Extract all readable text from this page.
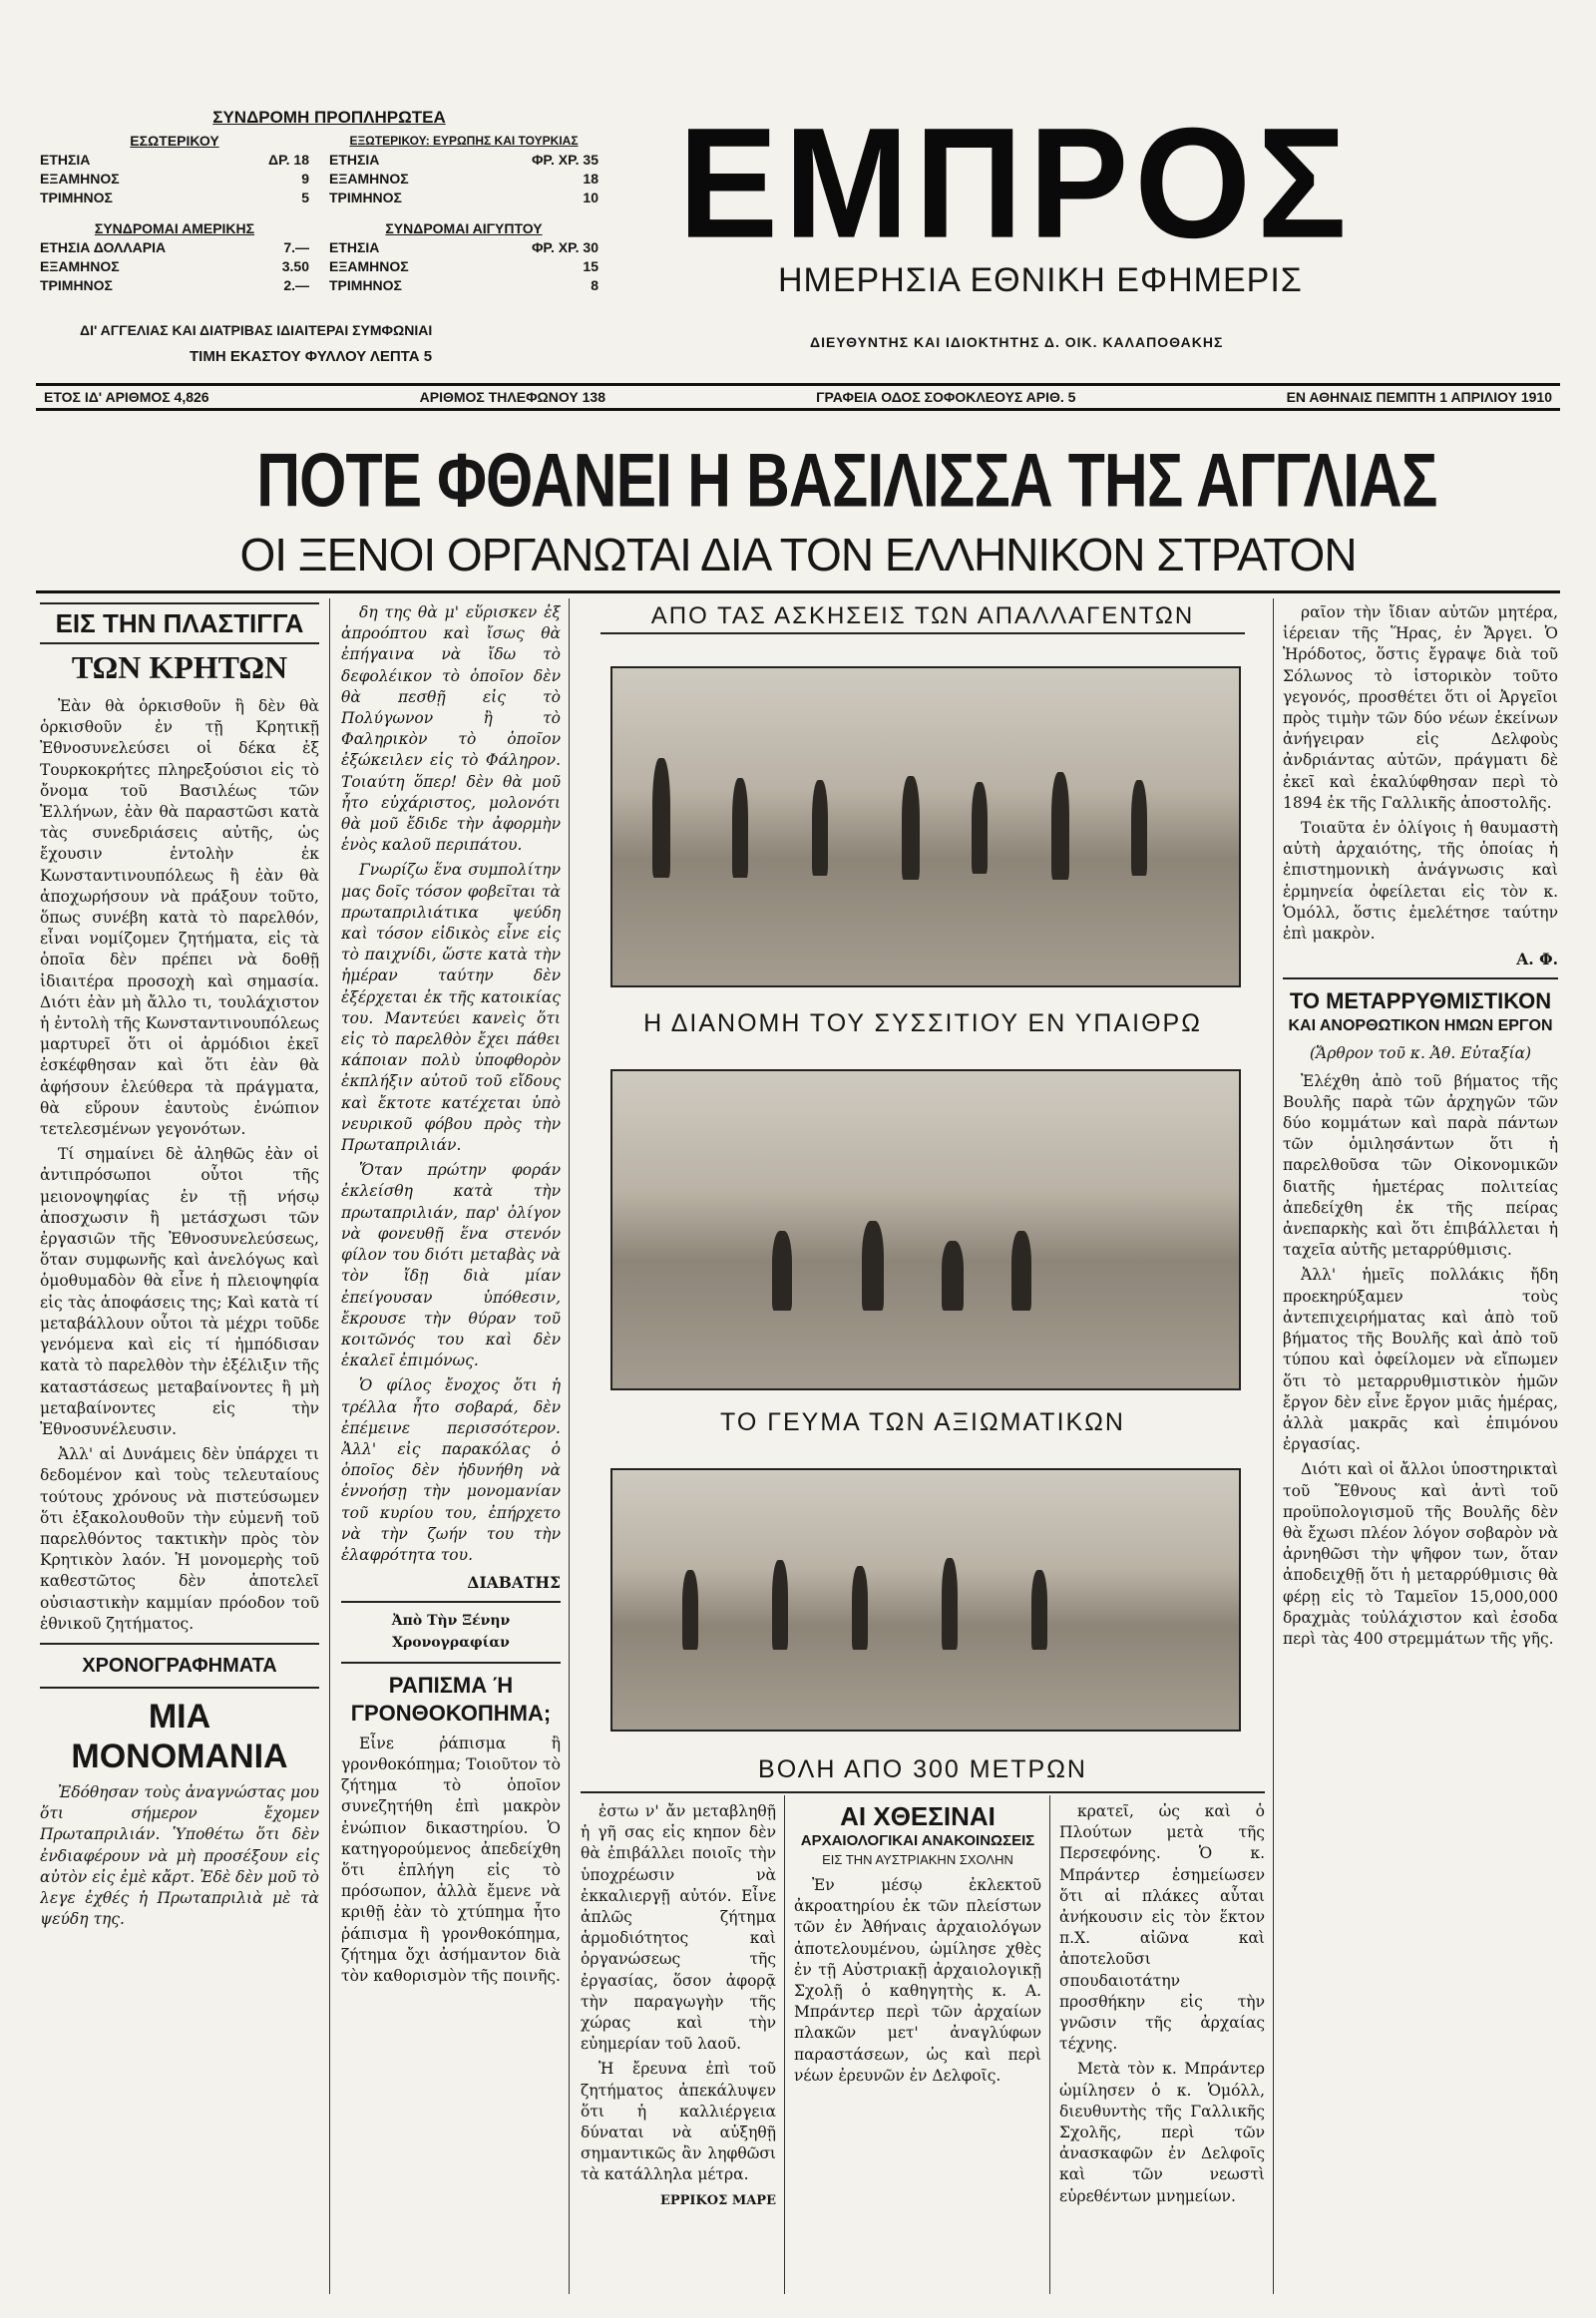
ΣΥΝΔΡΟΜΗ ΠΡΟΠΛΗΡΩΤΕΑ
ΕΣΩΤΕΡΙΚΟΥ
ΕΤΗΣΙΑ	ΔΡ. 18
ΕΞΑΜΗΝΟΣ	9
ΤΡΙΜΗΝΟΣ	5
ΕΞΩΤΕΡΙΚΟΥ: ΕΥΡΩΠΗΣ ΚΑΙ ΤΟΥΡΚΙΑΣ
ΕΤΗΣΙΑ	ΦΡ. ΧΡ. 35
ΕΞΑΜΗΝΟΣ	18
ΤΡΙΜΗΝΟΣ	10
ΣΥΝΔΡΟΜΑΙ ΑΜΕΡΙΚΗΣ
ΕΤΗΣΙΑ ΔΟΛΛΑΡΙΑ	7.—
ΕΞΑΜΗΝΟΣ	3.50
ΤΡΙΜΗΝΟΣ	2.—
ΣΥΝΔΡΟΜΑΙ ΑΙΓΥΠΤΟΥ
ΕΤΗΣΙΑ	ΦΡ. ΧΡ. 30
ΕΞΑΜΗΝΟΣ	15
ΤΡΙΜΗΝΟΣ	8
ΔΙ' ΑΓΓΕΛΙΑΣ ΚΑΙ ΔΙΑΤΡΙΒΑΣ ΙΔΙΑΙΤΕΡΑΙ ΣΥΜΦΩΝΙΑΙ
ΤΙΜΗ ΕΚΑΣΤΟΥ ΦΥΛΛΟΥ ΛΕΠΤΑ 5
ΕΜΠΡΟΣ
ΗΜΕΡΗΣΙΑ ΕΘΝΙΚΗ ΕΦΗΜΕΡΙΣ
ΔΙΕΥΘΥΝΤΗΣ ΚΑΙ ΙΔΙΟΚΤΗΤΗΣ Δ. ΟΙΚ. ΚΑΛΑΠΟΘΑΚΗΣ
ΕΤΟΣ ΙΔ' ΑΡΙΘΜΟΣ 4,826	ΑΡΙΘΜΟΣ ΤΗΛΕΦΩΝΟΥ 138	ΓΡΑΦΕΙΑ ΟΔΟΣ ΣΟΦΟΚΛΕΟΥΣ ΑΡΙΘ. 5	ΕΝ ΑΘΗΝΑΙΣ ΠΕΜΠΤΗ 1 ΑΠΡΙΛΙΟΥ 1910
ΠΟΤΕ ΦΘΑΝΕΙ Η ΒΑΣΙΛΙΣΣΑ ΤΗΣ ΑΓΓΛΙΑΣ
ΟΙ ΞΕΝΟΙ ΟΡΓΑΝΩΤΑΙ ΔΙΑ ΤΟΝ ΕΛΛΗΝΙΚΟΝ ΣΤΡΑΤΟΝ
ΕΙΣ ΤΗΝ ΠΛΑΣΤΙΓΓΑ
ΤΩΝ ΚΡΗΤΩΝ

Ἐὰν θὰ ὁρκισθοῦν ἢ δὲν θὰ ὁρκισθοῦν ἐν τῇ Κρητικῇ Ἐθνοσυνελεύσει οἱ δέκα ἐξ Τουρκοκρήτες πληρεξούσιοι εἰς τὸ ὄνομα τοῦ Βασιλέως τῶν Ἑλλήνων, ἐὰν θὰ παραστῶσι κατὰ τὰς συνεδριάσεις αὐτῆς, ὡς ἔχουσιν ἐντολὴν ἐκ Κωνσταντινουπόλεως ἢ ἐὰν θὰ ἀποχωρήσουν νὰ πράξουν τοῦτο, ὅπως συνέβη κατὰ τὸ παρελθόν, εἶναι νομίζομεν ζητήματα, εἰς τὰ ὁποῖα δὲν πρέπει νὰ δοθῇ ἰδιαιτέρα προσοχὴ καὶ σημασία. Διότι ἐὰν μὴ ἄλλο τι, τουλάχιστον ἡ ἐντολὴ τῆς Κωνσταντινουπόλεως μαρτυρεῖ ὅτι οἱ ἁρμόδιοι ἐκεῖ ἐσκέφθησαν καὶ ὅτι ἐὰν θὰ ἀφήσουν ἐλεύθερα τὰ πράγματα, θὰ εὕρουν ἑαυτοὺς ἐνώπιον τετελεσμένων γεγονότων.

Τί σημαίνει δὲ ἀληθῶς ἐὰν οἱ ἀντιπρόσωποι οὗτοι τῆς μειονοψηφίας ἐν τῇ νήσῳ ἀποσχωσιν ἢ μετάσχωσι τῶν ἐργασιῶν τῆς Ἐθνοσυνελεύσεως, ὅταν συμφωνῆς καὶ ἀνελόγως καὶ ὁμοθυμαδὸν θὰ εἶνε ἡ πλειοψηφία εἰς τὰς ἀποφάσεις της; Καὶ κατὰ τί μεταβάλλουν οὗτοι τὰ μέχρι τοῦδε γενόμενα καὶ εἰς τί ἠμπόδισαν κατὰ τὸ παρελθὸν τὴν ἐξέλιξιν τῆς καταστάσεως μεταβαίνοντες ἢ μὴ μεταβαίνοντες εἰς τὴν Ἐθνοσυνέλευσιν.

Ἀλλ' αἱ Δυνάμεις δὲν ὑπάρχει τι δεδομένον καὶ τοὺς τελευταίους τούτους χρόνους νὰ πιστεύσωμεν ὅτι ἐξακολουθοῦν τὴν εὐμενῆ τοῦ παρελθόντος τακτικὴν πρὸς τὸν Κρητικὸν λαόν. Ἡ μονομερὴς τοῦ καθεστῶτος δὲν ἀποτελεῖ οὐσιαστικὴν καμμίαν πρόοδον τοῦ ἐθνικοῦ ζητήματος.

ΧΡΟΝΟΓΡΑΦΗΜΑΤΑ
ΜΙΑ ΜΟΝΟΜΑΝΙΑ

Ἐδόθησαν τοὺς ἀναγνώστας μου ὅτι σήμερον ἔχομεν Πρωταπριλιάν. Ὑποθέτω ὅτι δὲν ἐνδιαφέρουν νὰ μὴ προσέξουν εἰς αὐτὸν εἰς ἐμὲ κἄρτ. Ἐδὲ δὲν μοῦ τὸ λεγε ἐχθές ἡ Πρωταπριλιὰ μὲ τὰ ψεύδη της.

δη της θὰ μ' εὕρισκεν ἐξ ἀπροόπτου καὶ ἴσως θὰ ἐπήγαινα νὰ ἴδω τὸ δεφολέικον τὸ ὁποῖον δὲν θὰ πεσθῇ εἰς τὸ Πολύγωνον ἢ τὸ Φαληρικὸν τὸ ὁποῖον ἐξώκειλεν εἰς τὸ Φάληρον. Τοιαύτη ὅπερ! δὲν θὰ μοῦ ἦτο εὐχάριστος, μολονότι θὰ μοῦ ἔδιδε τὴν ἀφορμὴν ἑνὸς καλοῦ περιπάτου.

Γνωρίζω ἕνα συμπολίτην μας δοῖς τόσον φοβεῖται τὰ πρωταπριλιάτικα ψεύδη καὶ τόσον εἰδικὸς εἶνε εἰς τὸ παιχνίδι, ὥστε κατὰ τὴν ἡμέραν ταύτην δὲν ἐξέρχεται ἐκ τῆς κατοικίας του. Μαντεύει κανεὶς ὅτι εἰς τὸ παρελθὸν ἔχει πάθει κάποιαν πολὺ ὑποφθορὸν ἐκπλήξιν αὐτοῦ τοῦ εἴδους καὶ ἔκτοτε κατέχεται ὑπὸ νευρικοῦ φόβου πρὸς τὴν Πρωταπριλιάν.

Ὅταν πρώτην φοράν ἐκλείσθη κατὰ τὴν πρωταπριλιάν, παρ' ὀλίγον νὰ φονευθῇ ἕνα στενόν φίλον του διότι μεταβὰς νὰ τὸν ἴδῃ διὰ μίαν ἐπείγουσαν ὑπόθεσιν, ἔκρουσε τὴν θύραν τοῦ κοιτῶνός του καὶ δὲν ἐκαλεῖ ἐπιμόνως.

Ὁ φίλος ἔνοχος ὅτι ἡ τρέλλα ἦτο σοβαρά, δὲν ἐπέμεινε περισσότερον. Ἀλλ' εἰς παρακόλας ὁ ὁποῖος δὲν ἠδυνήθη νὰ ἐννοήσῃ τὴν μονομανίαν τοῦ κυρίου του, ἐπήρχετο νὰ τὴν ζωήν του τὴν ἐλαφρότητα του.

ΔΙΑΒΑΤΗΣ
Ἀπὸ Τὴν Ξένην Χρονογραφίαν
ΡΑΠΙΣΜΑ Ή ΓΡΟΝΘΟΚΟΠΗΜΑ;

Εἶνε ῥάπισμα ἢ γρονθοκόπημα; Τοιοῦτον τὸ ζήτημα τὸ ὁποῖον συνεζητήθη ἐπὶ μακρὸν ἐνώπιον δικαστηρίου. Ὁ κατηγορούμενος ἀπεδείχθη ὅτι ἐπλήγη εἰς τὸ πρόσωπον, ἀλλὰ ἔμενε νὰ κριθῇ ἐὰν τὸ χτύπημα ἦτο ῥάπισμα ἢ γρονθοκόπημα, ζήτημα ὄχι ἀσήμαντον διὰ τὸν καθορισμὸν τῆς ποινῆς.

ΑΠΟ ΤΑΣ ΑΣΚΗΣΕΙΣ ΤΩΝ ΑΠΑΛΛΑΓΕΝΤΩΝ
Η ΔΙΑΝΟΜΗ ΤΟΥ ΣΥΣΣΙΤΙΟΥ ΕΝ ΥΠΑΙΘΡΩ
ΤΟ ΓΕΥΜΑ ΤΩΝ ΑΞΙΩΜΑΤΙΚΩΝ
ΒΟΛΗ ΑΠΟ 300 ΜΕΤΡΩΝ

ραῖον τὴν ἴδιαν αὐτῶν μητέρα, ἱέρειαν τῆς Ἥρας, ἐν Ἄργει. Ὁ Ἡρόδοτος, ὅστις ἔγραψε διὰ τοῦ Σόλωνος τὸ ἱστορικὸν τοῦτο γεγονός, προσθέτει ὅτι οἱ Ἀργεῖοι πρὸς τιμὴν τῶν δύο νέων ἐκείνων ἀνήγειραν εἰς Δελφοὺς ἀνδριάντας αὐτῶν, πράγματι δὲ ἐκεῖ καὶ ἐκαλύφθησαν περὶ τὸ 1894 ἐκ τῆς Γαλλικῆς ἀποστολῆς.

Τοιαῦτα ἐν ὀλίγοις ἡ θαυμαστὴ αὐτὴ ἀρχαιότης, τῆς ὁποίας ἡ ἐπιστημονικὴ ἀνάγνωσις καὶ ἑρμηνεία ὀφείλεται εἰς τὸν κ. Ὁμόλλ, ὅστις ἐμελέτησε ταύτην ἐπὶ μακρὸν.

Α. Φ.
ΤΟ ΜΕΤΑΡΡΥΘΜΙΣΤΙΚΟΝ
ΚΑΙ ΑΝΟΡΘΩΤΙΚΟΝ ΗΜΩΝ ΕΡΓΟΝ
(Ἄρθρον τοῦ κ. Ἀθ. Εὐταξία)

Ἐλέχθη ἀπὸ τοῦ βήματος τῆς Βουλῆς παρὰ τῶν ἀρχηγῶν τῶν δύο κομμάτων καὶ παρὰ πάντων τῶν ὁμιλησάντων ὅτι ἡ παρελθοῦσα τῶν Οἰκονομικῶν διατῆς ἡμετέρας πολιτείας ἀπεδείχθη ἐκ τῆς πείρας ἀνεπαρκὴς καὶ ὅτι ἐπιβάλλεται ἡ ταχεῖα αὐτῆς μεταρρύθμισις.

Ἀλλ' ἡμεῖς πολλάκις ἤδη προεκηρύξαμεν τοὺς ἀντεπιχειρήματας καὶ ἀπὸ τοῦ βήματος τῆς Βουλῆς καὶ ἀπὸ τοῦ τύπου καὶ ὀφείλομεν νὰ εἴπωμεν ὅτι τὸ μεταρρυθμιστικὸν ἡμῶν ἔργον δὲν εἶνε ἔργον μιᾶς ἡμέρας, ἀλλὰ μακρᾶς καὶ ἐπιμόνου ἐργασίας.

Διότι καὶ οἱ ἄλλοι ὑποστηρικταὶ τοῦ Ἔθνους καὶ ἀντὶ τοῦ προϋπολογισμοῦ τῆς Βουλῆς δὲν θὰ ἔχωσι πλέον λόγον σοβαρὸν νὰ ἀρνηθῶσι τὴν ψῆφον των, ὅταν ἀποδειχθῇ ὅτι ἡ μεταρρύθμισις θὰ φέρῃ εἰς τὸ Ταμεῖον 15,000,000 δραχμὰς τοὐλάχιστον καὶ ἐσοδα περὶ τὰς 400 στρεμμάτων τῆς γῆς.

ἐστω ν' ἄν μεταβληθῇ ἡ γῆ σας εἰς κηπον δὲν θὰ ἐπιβάλλει ποιοῖς τὴν ὑποχρέωσιν νὰ ἐκκαλιεργῇ αὐτόν. Εἶνε ἀπλῶς ζήτημα ἁρμοδιότητος καὶ ὀργανώσεως τῆς ἐργασίας, ὅσον ἀφορᾷ τὴν παραγωγὴν τῆς χώρας καὶ τὴν εὐημερίαν τοῦ λαοῦ.

Ἡ ἔρευνα ἐπὶ τοῦ ζητήματος ἀπεκάλυψεν ὅτι ἡ καλλιέργεια δύναται νὰ αὐξηθῇ σημαντικῶς ἂν ληφθῶσι τὰ κατάλληλα μέτρα.

ΕΡΡΙΚΟΣ ΜΑΡΕ
ΑΙ ΧΘΕΣΙΝΑΙ
ΑΡΧΑΙΟΛΟΓΙΚΑΙ ΑΝΑΚΟΙΝΩΣΕΙΣ
ΕΙΣ ΤΗΝ ΑΥΣΤΡΙΑΚΗΝ ΣΧΟΛΗΝ

Ἐν μέσῳ ἐκλεκτοῦ ἀκροατηρίου ἐκ τῶν πλείστων τῶν ἐν Ἀθήναις ἀρχαιολόγων ἀποτελουμένου, ὡμίλησε χθὲς ἐν τῇ Αὐστριακῇ ἀρχαιολογικῇ Σχολῇ ὁ καθηγητὴς κ. Α. Μπράντερ περὶ τῶν ἀρχαίων πλακῶν μετ' ἀναγλύφων παραστάσεων, ὡς καὶ περὶ νέων ἐρευνῶν ἐν Δελφοῖς.

κρατεῖ, ὡς καὶ ὁ Πλούτων μετὰ τῆς Περσεφόνης. Ὁ κ. Μπράντερ ἐσημείωσεν ὅτι αἱ πλάκες αὗται ἀνήκουσιν εἰς τὸν ἕκτον π.Χ. αἰῶνα καὶ ἀποτελοῦσι σπουδαιοτάτην προσθήκην εἰς τὴν γνῶσιν τῆς ἀρχαίας τέχνης.

Μετὰ τὸν κ. Μπράντερ ὡμίλησεν ὁ κ. Ὁμόλλ, διευθυντὴς τῆς Γαλλικῆς Σχολῆς, περὶ τῶν ἀνασκαφῶν ἐν Δελφοῖς καὶ τῶν νεωστὶ εὑρεθέντων μνημείων.
